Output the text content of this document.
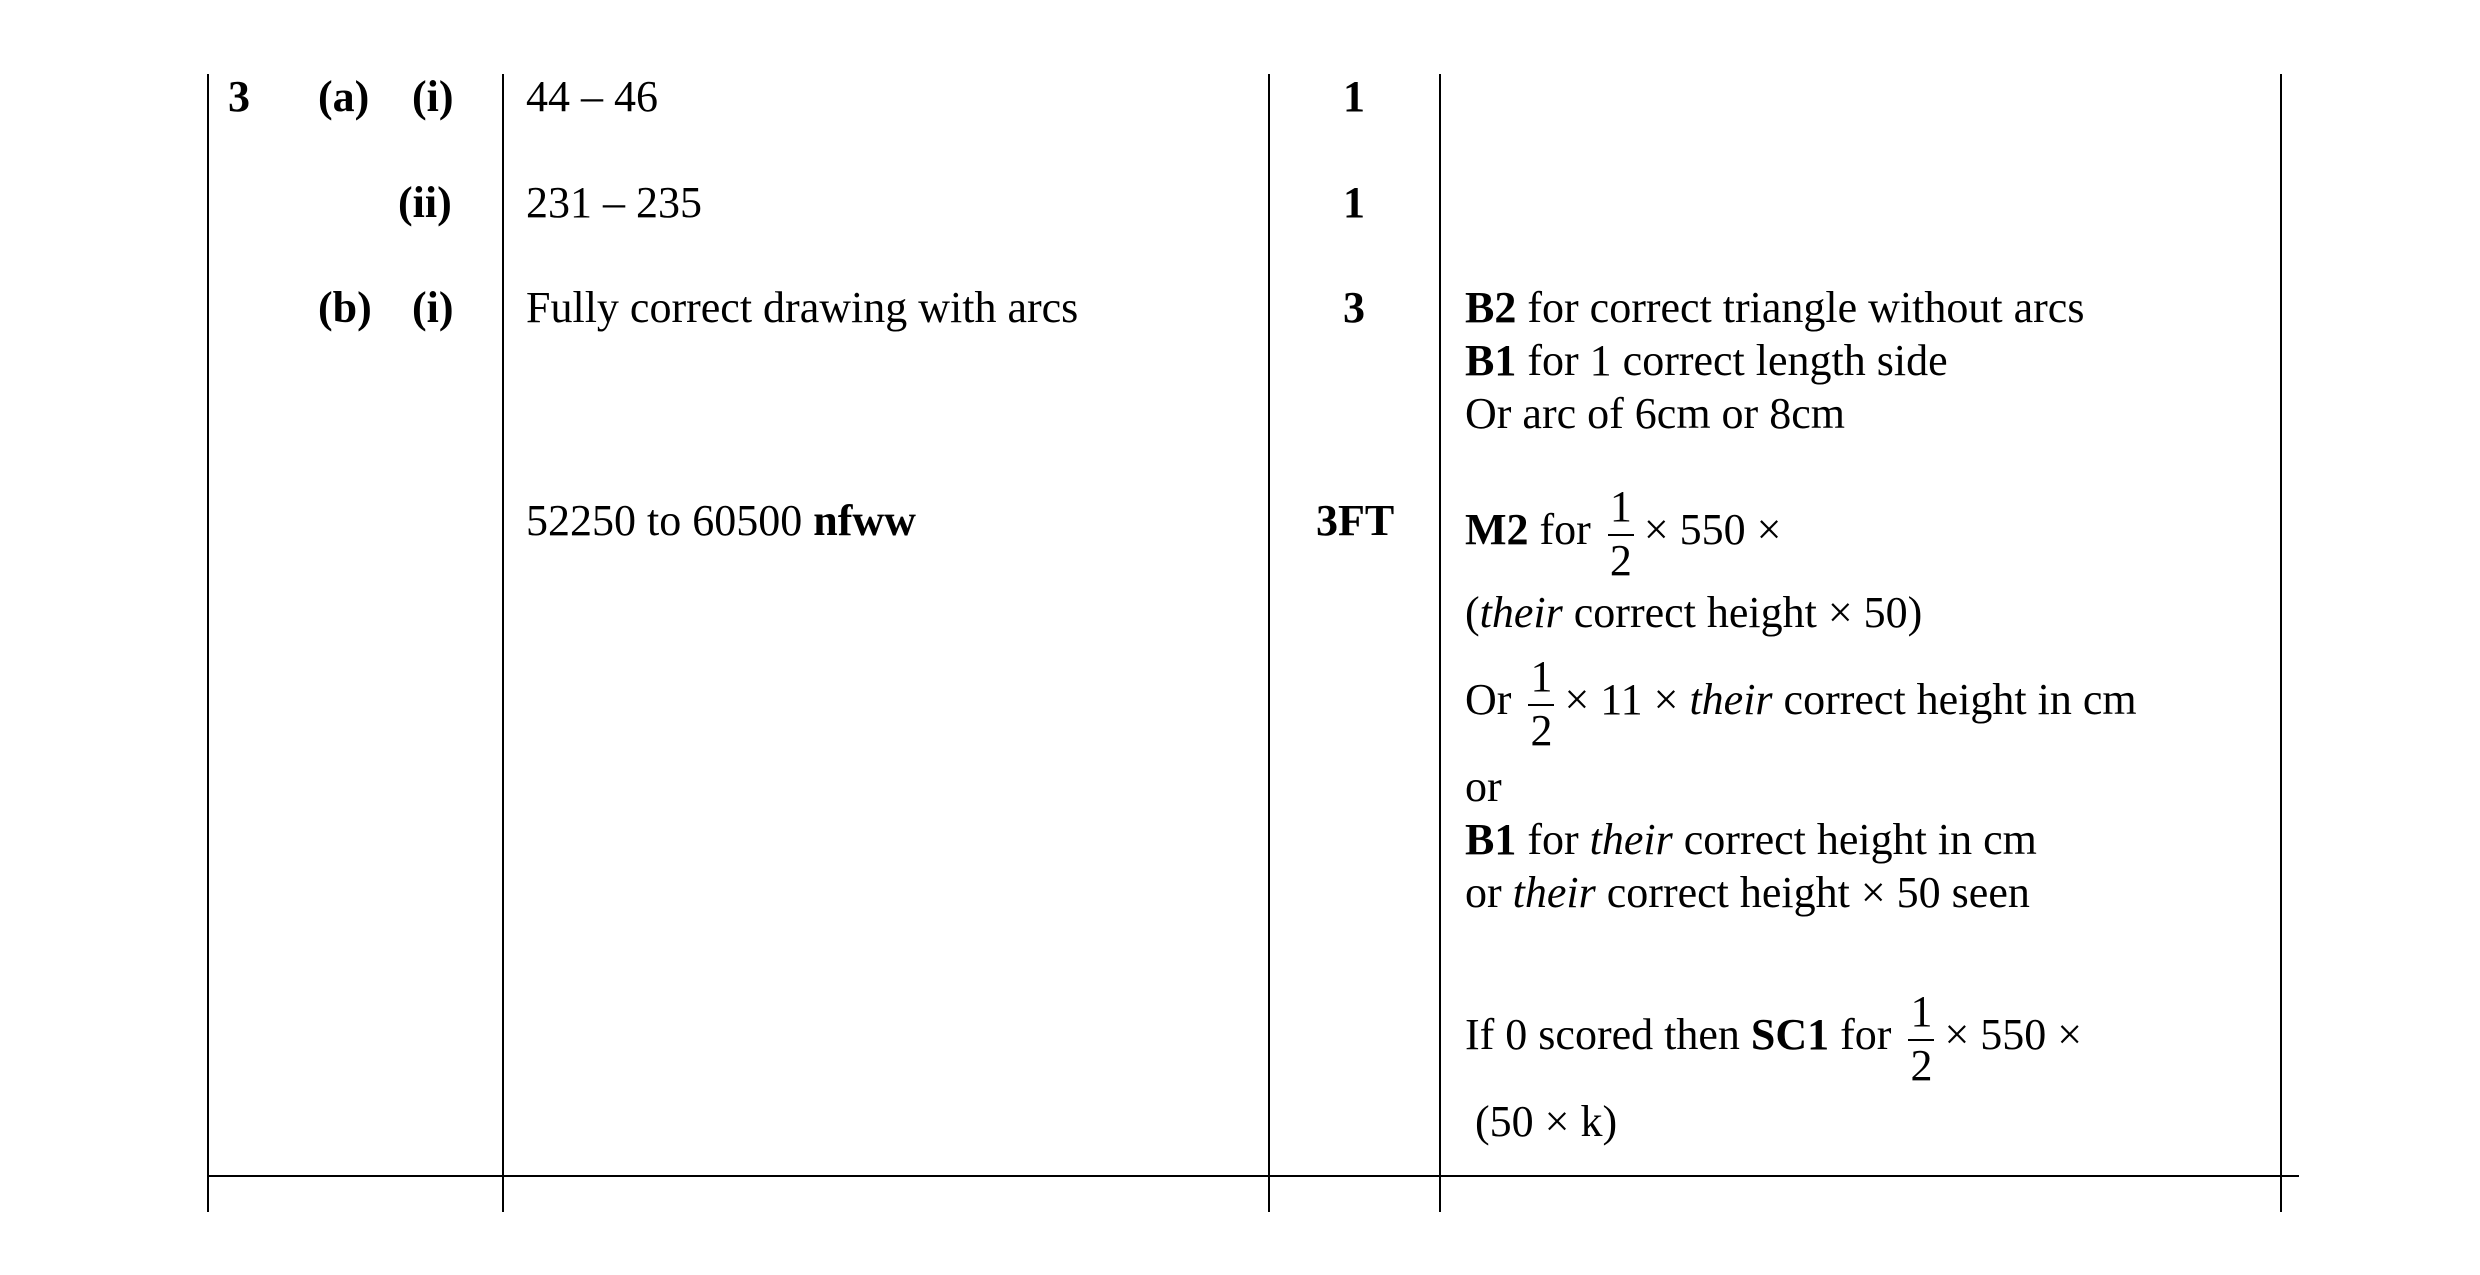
3 (a) (i)
(ii)
(b) (i)
44 – 46
231 – 235
Fully correct drawing with arcs
52250 to 60500 nfww
1
1
3
3FT
B2 for correct triangle without arcs
B1 for 1 correct length side
Or arc of 6cm or 8cm
M2 for $\frac{1}{2} \times 550$ ×
(their correct height × 50)
Or $\frac{1}{2} \times 11$ × their correct height in cm
or
B1 for their correct height in cm
or their correct height × 50 seen
If 0 scored then SC1 for $\frac{1}{2} \times 550$ ×
(50 × k)
